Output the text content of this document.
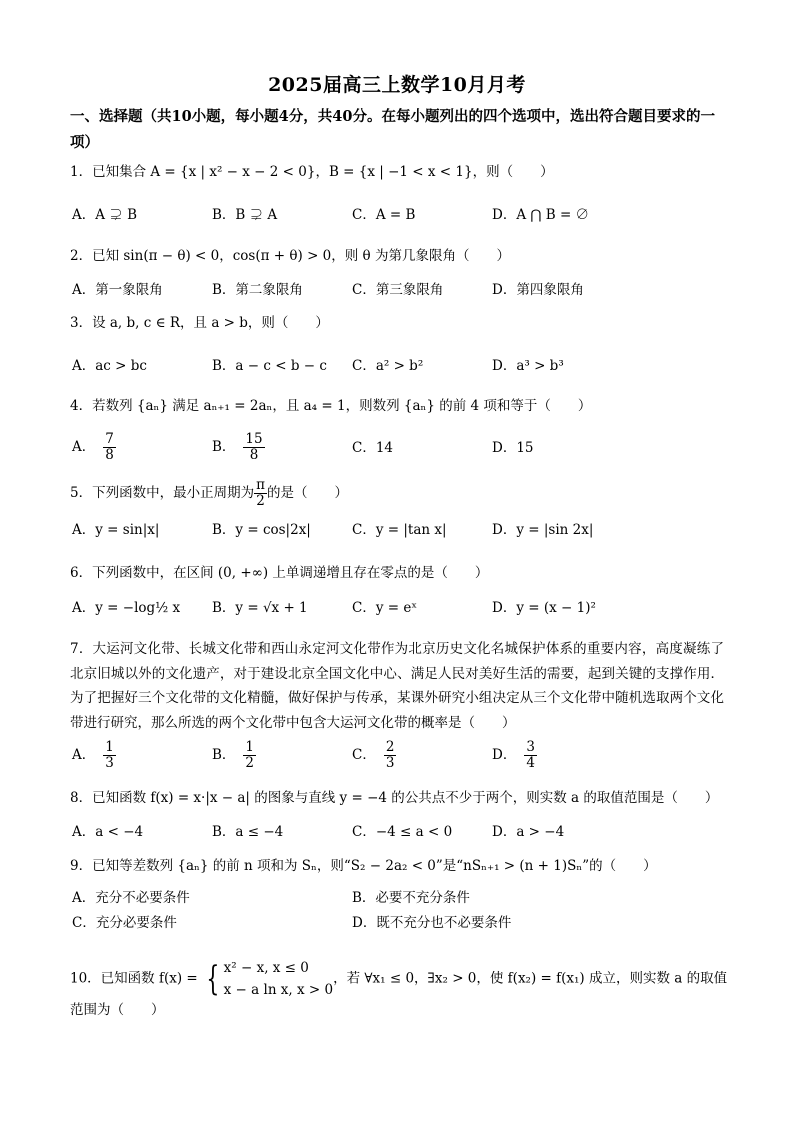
2025届高三上数学10月月考
一、选择题（共10小题，每小题4分，共40分。在每小题列出的四个选项中，选出符合题目要求的一项）
1．已知集合 A = {x | x² − x − 2 < 0}，B = {x | −1 < x < 1}，则（　　）
A．A ⊋ B	B．B ⊋ A	C．A = B	D．A ⋂ B = ∅
2．已知 sin(π − θ) < 0，cos(π + θ) > 0，则 θ 为第几象限角（　　）
A．第一象限角	B．第二象限角	C．第三象限角	D．第四象限角
3．设 a, b, c ∈ R，且 a > b，则（　　）
A．ac > bc	B．a − c < b − c C．a² > b²	D．a³ > b³
4．若数列 {aₙ} 满足 aₙ₊₁ = 2aₙ，且 a₄ = 1，则数列 {aₙ} 的前 4 项和等于（　　）
A． $\frac{7}{8}$	B． $\frac{15}{8}$	C．14	D．15
5．下列函数中，最小正周期为 $\frac{\pi}{2}$ 的是（　　）
A．y = sin|x|	B．y = cos|2x|	C．y = |tan x|	D．y = |sin 2x|
6．下列函数中，在区间 (0, +∞) 上单调递增且存在零点的是（　　）
A．y = −log½ x B．y = √x + 1	C．y = eˣ	D．y = (x − 1)²
7．大运河文化带、长城文化带和西山永定河文化带作为北京历史文化名城保护体系的重要内容，高度凝练了北京旧城以外的文化遗产，对于建设北京全国文化中心、满足人民对美好生活的需要，起到关键的支撑作用．为了把握好三个文化带的文化精髓，做好保护与传承，某课外研究小组决定从三个文化带中随机选取两个文化带进行研究，那么所选的两个文化带中包含大运河文化带的概率是（　　）
A． $\frac{1}{3}$	B． $\frac{1}{2}$	C． $\frac{2}{3}$	D． $\frac{3}{4}$
8．已知函数 f(x) = x·|x − a| 的图象与直线 y = −4 的公共点不少于两个，则实数 a 的取值范围是（　　）
A．a < −4	B．a ≤ −4	C．−4 ≤ a < 0	D．a > −4
9．已知等差数列 {aₙ} 的前 n 项和为 Sₙ，则“S₂ − 2a₂ < 0”是“nSₙ₊₁ > (n + 1)Sₙ”的（　　）
A．充分不必要条件	B．必要不充分条件
C．充分必要条件	D．既不充分也不必要条件
10．已知函数 f(x) = { x² − x, x ≤ 0
x − a ln x, x > 0
，若 ∀x₁ ≤ 0，∃x₂ > 0，使 f(x₂) = f(x₁) 成立，则实数 a 的取值
范围为（　　）
